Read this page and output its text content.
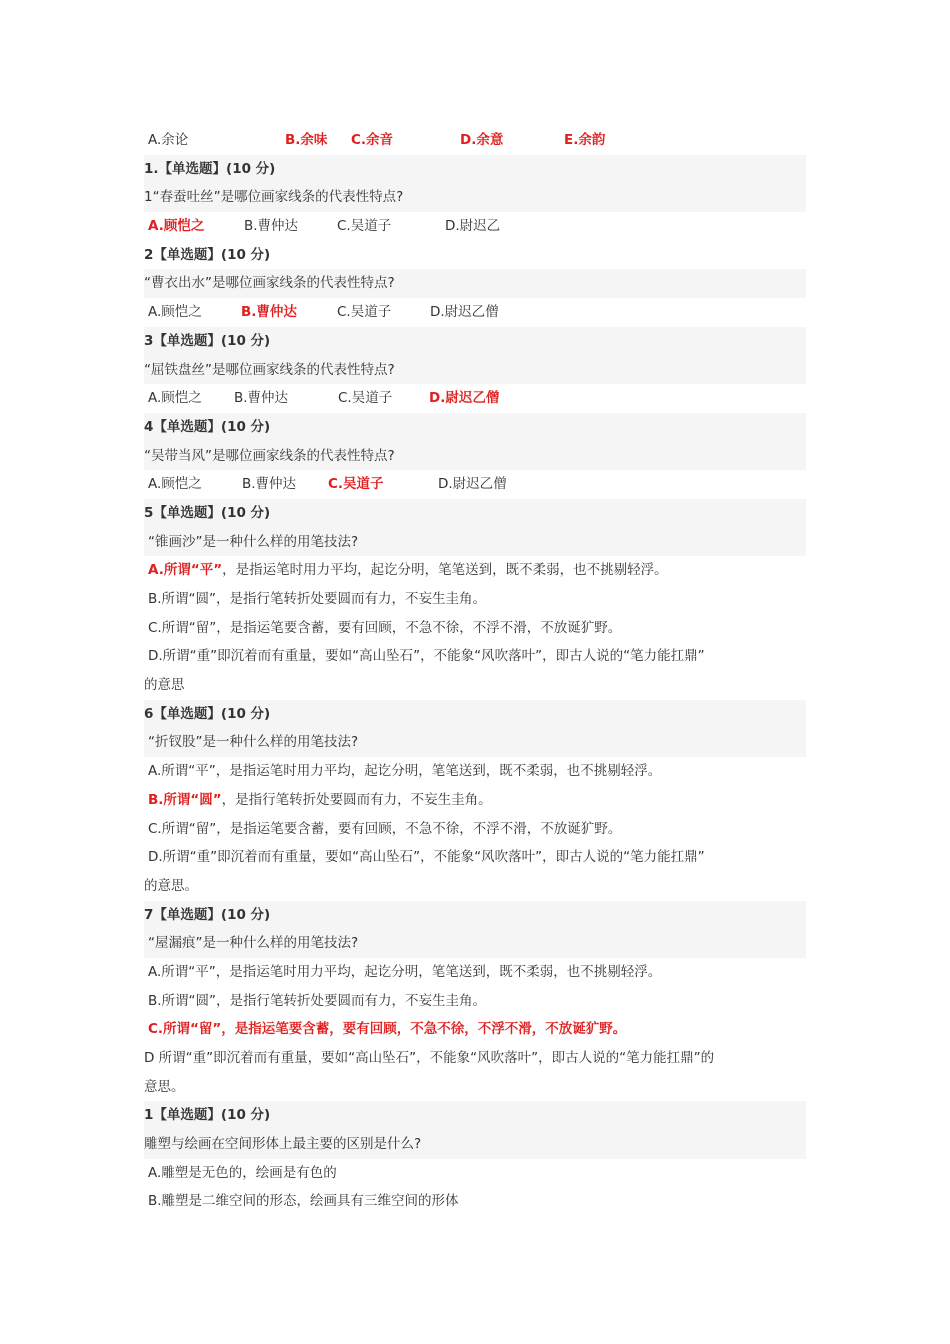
A.余论	B.余味 C.余音	D.余意	E.余韵
1.【单选题】(10 分)
1“春蚕吐丝”是哪位画家线条的代表性特点?
A.顾恺之	B.曹仲达	C.吴道子	D.尉迟乙
2【单选题】(10 分)
“曹衣出水”是哪位画家线条的代表性特点?
A.顾恺之	B.曹仲达	C.吴道子	D.尉迟乙僧
3【单选题】(10 分)
“屈铁盘丝”是哪位画家线条的代表性特点?
A.顾恺之 B.曹仲达	C.吴道子	D.尉迟乙僧
4【单选题】(10 分)
“吴带当风”是哪位画家线条的代表性特点?
A.顾恺之	B.曹仲达 C.吴道子	D.尉迟乙僧
5【单选题】(10 分)
“锥画沙”是一种什么样的用笔技法?
A.所谓“平”，是指运笔时用力平均，起讫分明，笔笔送到，既不柔弱，也不挑剔轻浮。
B.所谓“圆”，是指行笔转折处要圆而有力，不妄生圭角。
C.所谓“留”，是指运笔要含蓄，要有回顾，不急不徐，不浮不滑，不放诞犷野。
D.所谓“重”即沉着而有重量，要如“高山坠石”，不能象“风吹落叶”，即古人说的“笔力能扛鼎”
的意思
6【单选题】(10 分)
“折钗股”是一种什么样的用笔技法?
A.所谓“平”，是指运笔时用力平均，起讫分明，笔笔送到，既不柔弱，也不挑剔轻浮。
B.所谓“圆”，是指行笔转折处要圆而有力，不妄生圭角。
C.所谓“留”，是指运笔要含蓄，要有回顾，不急不徐，不浮不滑，不放诞犷野。
D.所谓“重”即沉着而有重量，要如“高山坠石”，不能象“风吹落叶”，即古人说的“笔力能扛鼎”
的意思。
7【单选题】(10 分)
“屋漏痕”是一种什么样的用笔技法?
A.所谓“平”，是指运笔时用力平均，起讫分明，笔笔送到，既不柔弱，也不挑剔轻浮。
B.所谓“圆”，是指行笔转折处要圆而有力，不妄生圭角。
C.所谓“留”，是指运笔要含蓄，要有回顾，不急不徐，不浮不滑，不放诞犷野。
D 所谓“重”即沉着而有重量，要如“高山坠石”，不能象“风吹落叶”，即古人说的“笔力能扛鼎”的
意思。
1【单选题】(10 分)
雕塑与绘画在空间形体上最主要的区别是什么?
A.雕塑是无色的，绘画是有色的
B.雕塑是二维空间的形态，绘画具有三维空间的形体
